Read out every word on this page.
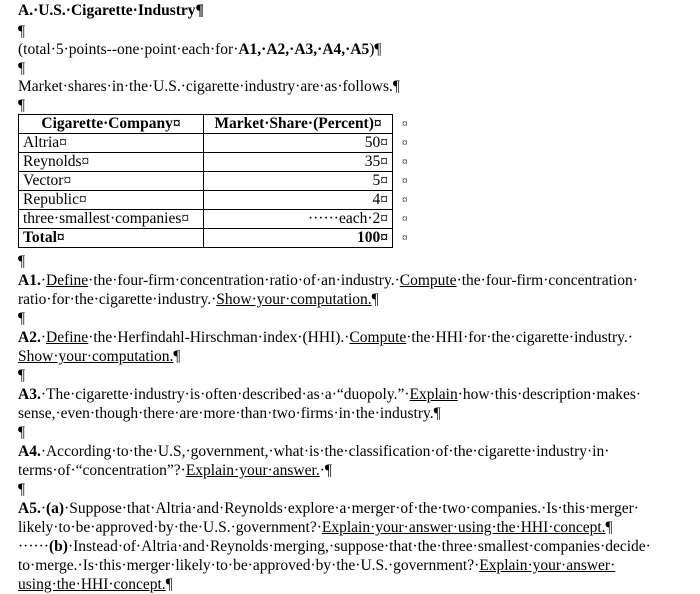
A.·U.S.·Cigarette·Industry¶
¶
(total·5·points--one·point·each·for·A1,·A2,·A3,·A4,·A5)¶
¶
Market·shares·in·the·U.S.·cigarette·industry·are·as·follows.¶
¶
Cigarette·Company¤	Market·Share·(Percent)¤
Altria¤	50¤
Reynolds¤	35¤
Vector¤	5¤
Republic¤	4¤
three·smallest·companies¤	······each·2¤
Total¤	100¤
¤
¤
¤
¤
¤
¤
¤
¶
A1.·Define·the·four-firm·concentration·ratio·of·an·industry.·Compute·the·four-firm·concentration·
ratio·for·the·cigarette·industry.·Show·your·computation.¶
¶
A2.·Define·the·Herfindahl-Hirschman·index·(HHI).·Compute·the·HHI·for·the·cigarette·industry.·
Show·your·computation.¶
¶
A3.·The·cigarette·industry·is·often·described·as·a·“duopoly.”·Explain·how·this·description·makes·
sense,·even·though·there·are·more·than·two·firms·in·the·industry.¶
¶
A4.·According·to·the·U.S,·government,·what·is·the·classification·of·the·cigarette·industry·in·
terms·of·“concentration”?·Explain·your·answer.·¶
¶
A5.·(a)·Suppose·that·Altria·and·Reynolds·explore·a·merger·of·the·two·companies.·Is·this·merger·
likely·to·be·approved·by·the·U.S.·government?·Explain·your·answer·using·the·HHI·concept.¶
······(b)·Instead·of·Altria·and·Reynolds·merging,·suppose·that·the·three·smallest·companies·decide·
to·merge.·Is·this·merger·likely·to·be·approved·by·the·U.S.·government?·Explain·your·answer·
using·the·HHI·concept.¶
